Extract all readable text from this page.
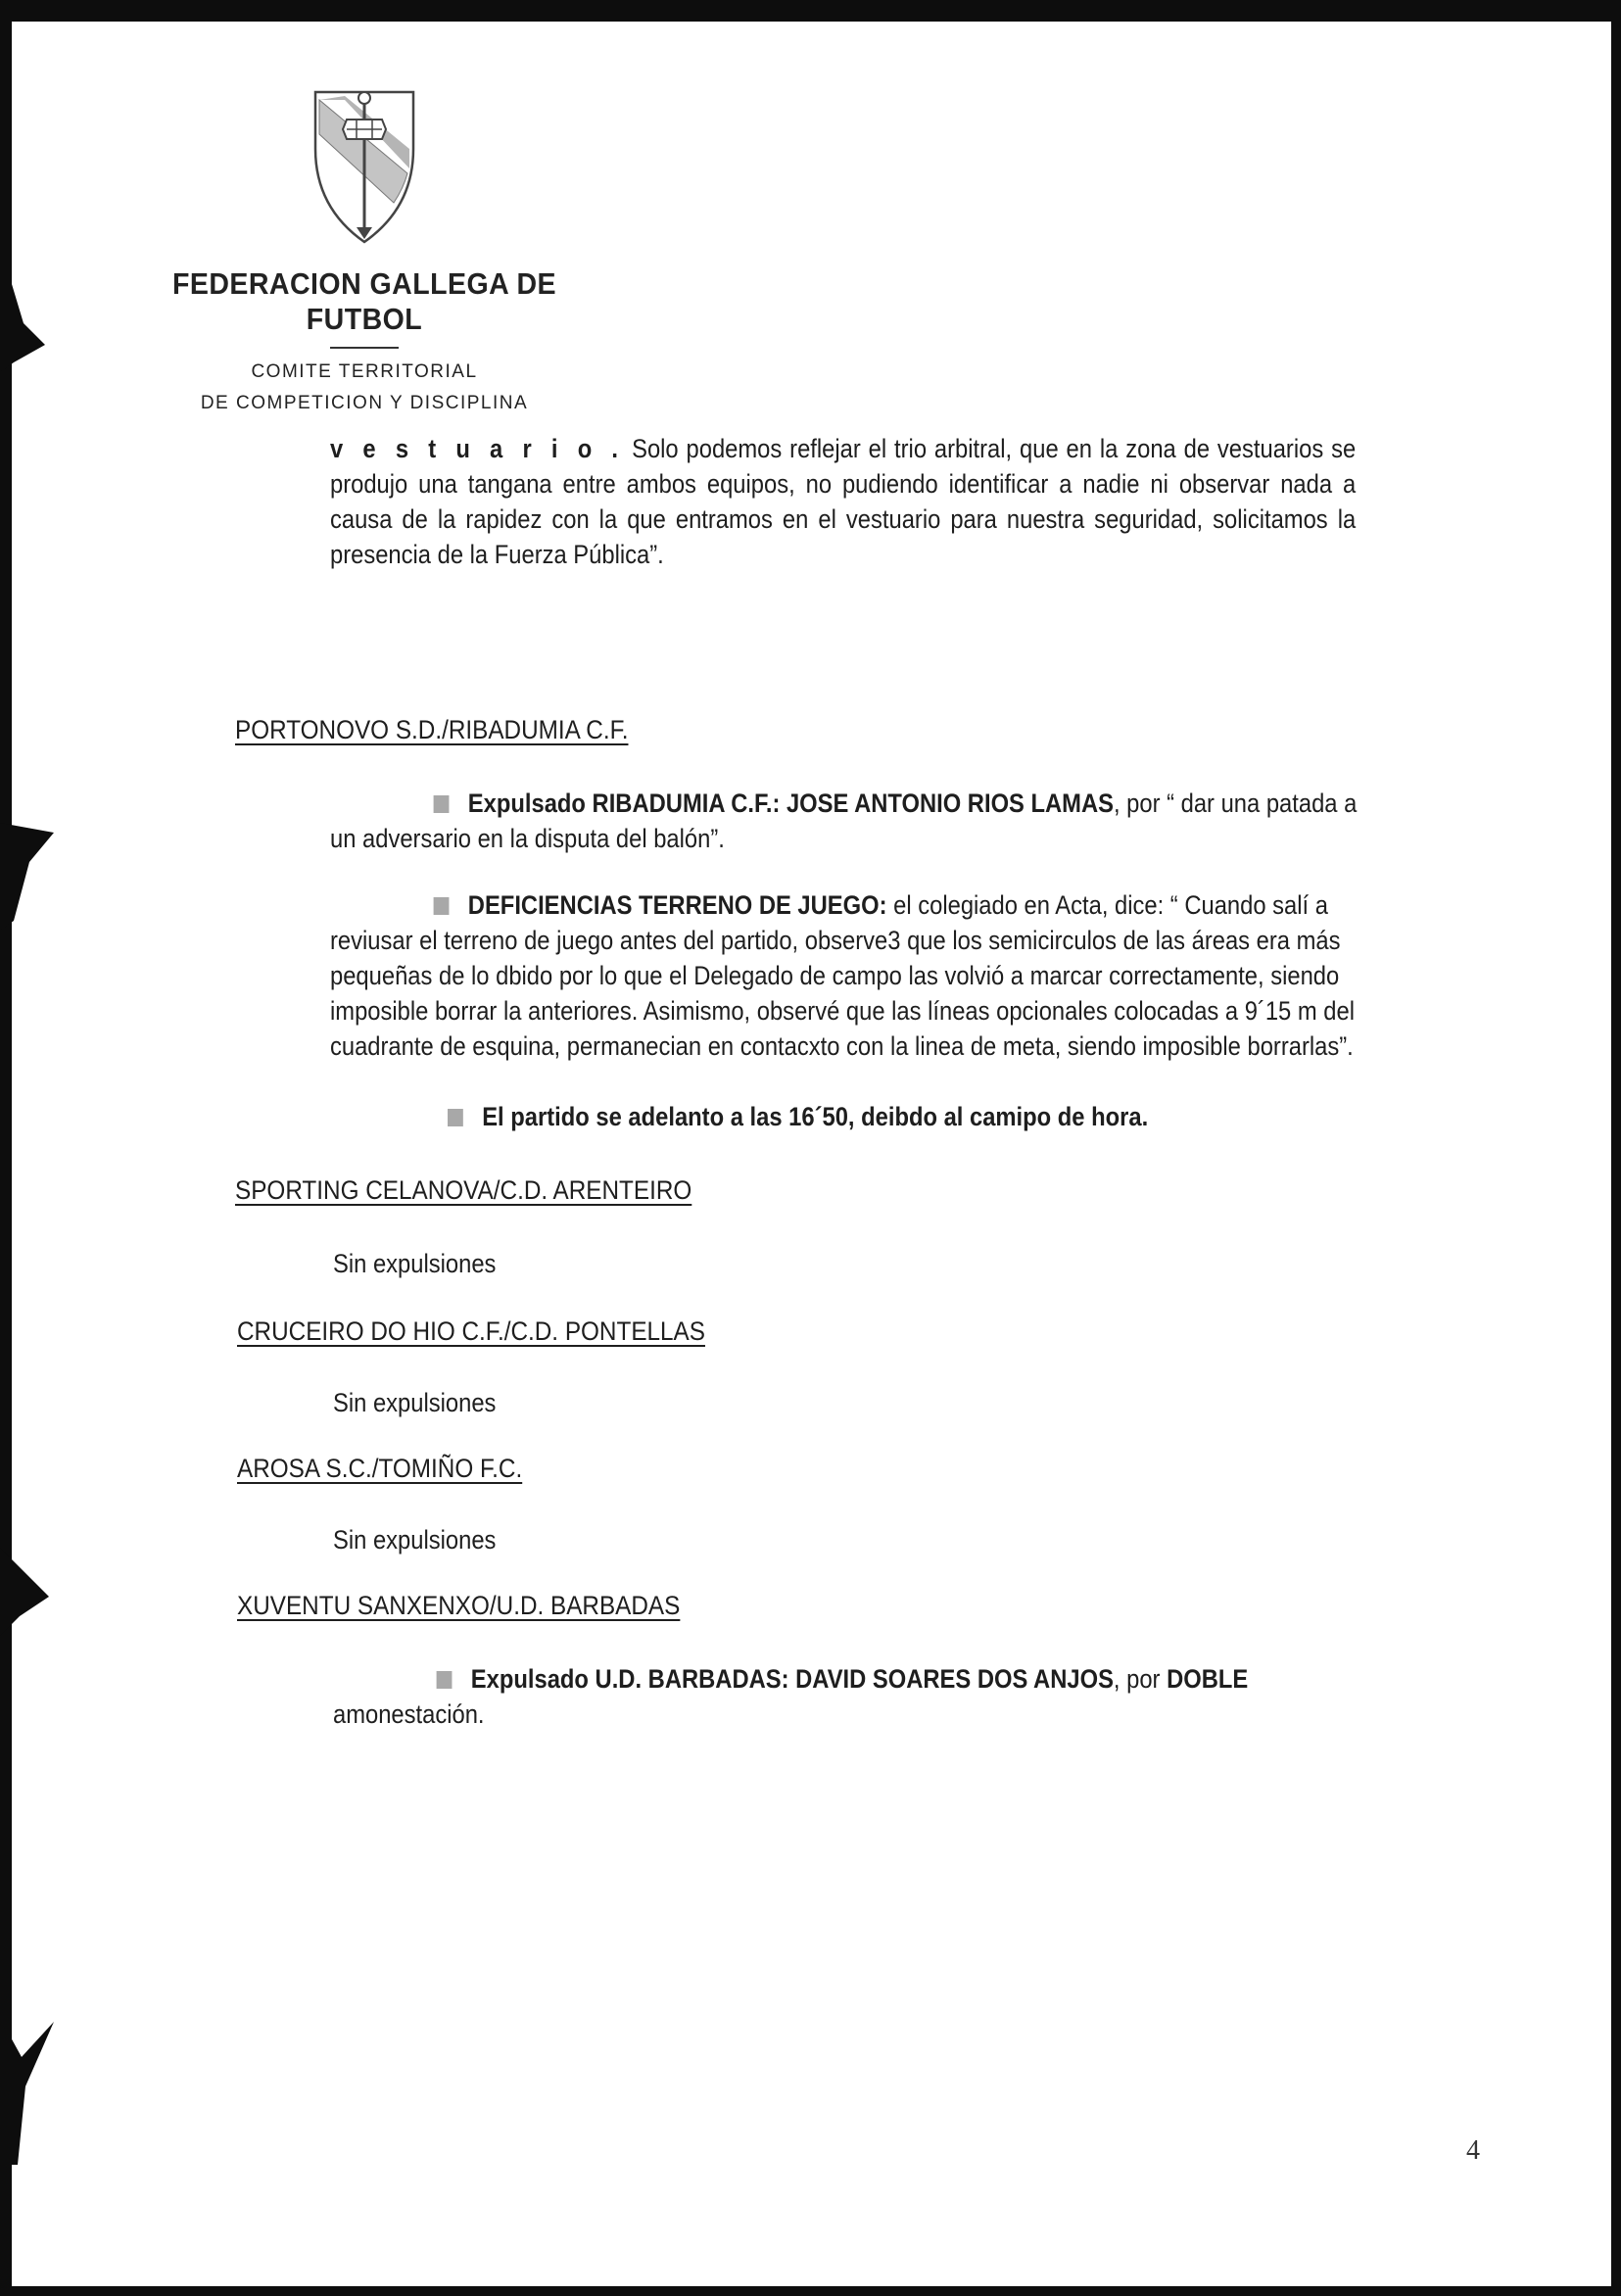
FEDERACION GALLEGA DE FUTBOL
COMITE TERRITORIAL
DE COMPETICION Y DISCIPLINA
v e s t u a r i o . Solo podemos reflejar el trio arbitral, que en la zona de vestuarios se produjo una tangana entre ambos equipos, no pudiendo identificar a nadie ni observar nada a causa de la rapidez con la que entramos en el vestuario para nuestra seguridad, solicitamos la presencia de la Fuerza Pública”.
PORTONOVO S.D./RIBADUMIA C.F.
Expulsado RIBADUMIA C.F.: JOSE ANTONIO RIOS LAMAS, por “ dar una patada a un adversario en la disputa del balón”.
DEFICIENCIAS TERRENO DE JUEGO: el colegiado en Acta, dice: “ Cuando salí a reviusar el terreno de juego antes del partido, observe3 que los semicirculos de las áreas era más pequeñas de lo dbido por lo que el Delegado de campo las volvió a marcar correctamente, siendo imposible borrar la anteriores. Asimismo, observé que las líneas opcionales colocadas a 9´15 m del cuadrante de esquina, permanecian en contacxto con la linea de meta, siendo imposible borrarlas”.
El partido se adelanto a las 16´50, deibdo al camipo de hora.
SPORTING CELANOVA/C.D. ARENTEIRO
Sin expulsiones
CRUCEIRO DO HIO C.F./C.D. PONTELLAS
Sin expulsiones
AROSA S.C./TOMIÑO F.C.
Sin expulsiones
XUVENTU SANXENXO/U.D. BARBADAS
Expulsado U.D. BARBADAS: DAVID SOARES DOS ANJOS, por DOBLE
amonestación.
4
